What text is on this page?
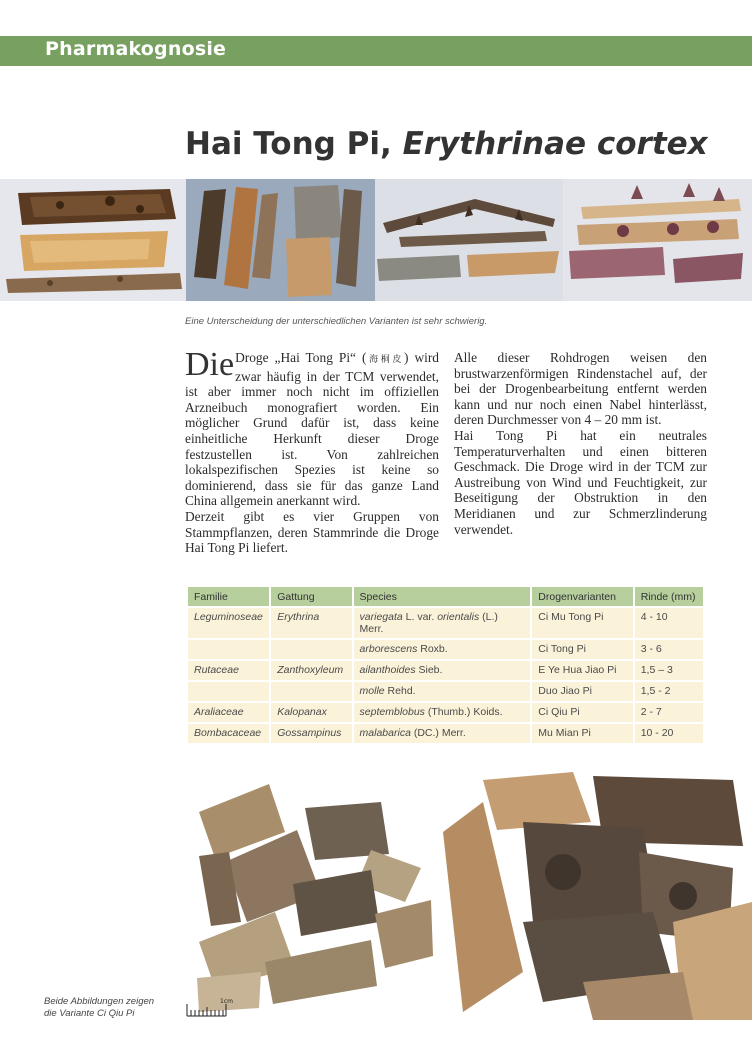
Pharmakognosie
Hai Tong Pi, Erythrinae cortex
Eine Unterscheidung der unterschiedlichen Varianten ist sehr schwierig.

Die Droge „Hai Tong Pi“ (海桐皮) wird zwar häufig in der TCM verwendet, ist aber immer noch nicht im offiziellen Arzneibuch monografiert worden. Ein möglicher Grund dafür ist, dass keine einheitliche Herkunft dieser Droge festzustellen ist. Von zahlreichen lokalspezifischen Spezies ist keine so dominierend, dass sie für das ganze Land China allgemein anerkannt wird.

Derzeit gibt es vier Gruppen von Stammpflanzen, deren Stammrinde die Droge Hai Tong Pi liefert.

Alle dieser Rohdrogen weisen den brustwarzenförmigen Rindenstachel auf, der bei der Drogenbearbeitung entfernt werden kann und nur noch einen Nabel hinterlässt, deren Durchmesser von 4 – 20 mm ist.

Hai Tong Pi hat ein neutrales Temperaturverhalten und einen bitteren Geschmack. Die Droge wird in der TCM zur Austreibung von Wind und Feuchtigkeit, zur Beseitigung der Obstruktion in den Meridianen und zur Schmerzlinderung verwendet.

Familie	Gattung	Species	Drogenvarianten	Rinde (mm)
Leguminoseae	Erythrina	variegata L. var. orientalis (L.) Merr.	Ci Mu Tong Pi	4 - 10
		arborescens Roxb.	Ci Tong Pi	3 - 6
Rutaceae	Zanthoxyleum	ailanthoides Sieb.	E Ye Hua Jiao Pi	1,5 – 3
		molle Rehd.	Duo Jiao Pi	1,5 - 2
Araliaceae	Kalopanax	septemblobus (Thumb.) Koids.	Ci Qiu Pi	2 - 7
Bombacaceae	Gossampinus	malabarica (DC.) Merr.	Mu Mian Pi	10 - 20
1cm
Beide Abbildungen zeigen
die Variante Ci Qiu Pi
